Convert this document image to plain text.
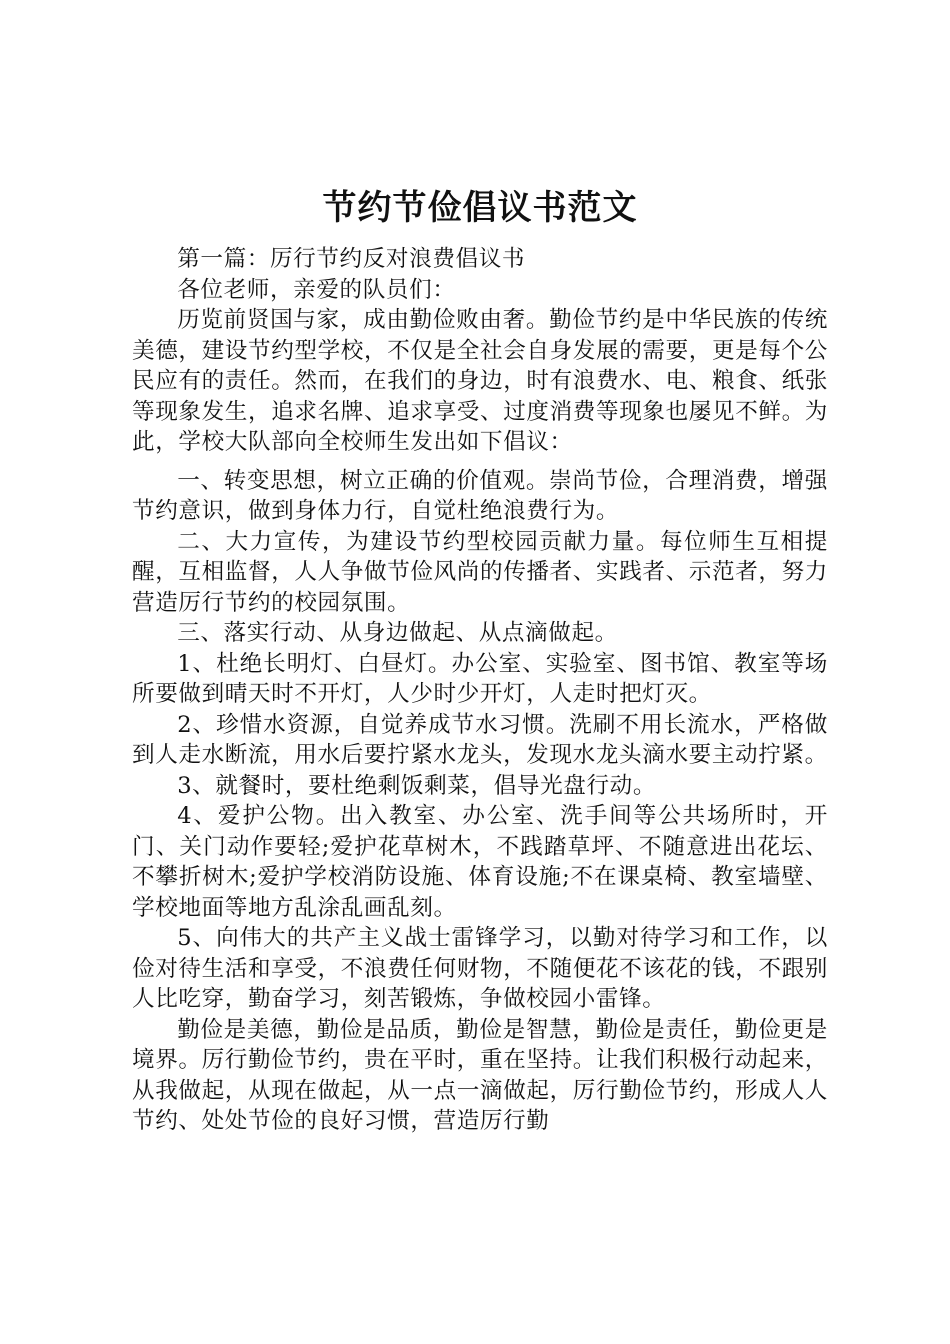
节约节俭倡议书范文

第一篇：厉行节约反对浪费倡议书

各位老师，亲爱的队员们：

历览前贤国与家，成由勤俭败由奢。勤俭节约是中华民族的传统美德，建设节约型学校，不仅是全社会自身发展的需要，更是每个公民应有的责任。然而，在我们的身边，时有浪费水、电、粮食、纸张等现象发生，追求名牌、追求享受、过度消费等现象也屡见不鲜。为此，学校大队部向全校师生发出如下倡议：

一、转变思想，树立正确的价值观。崇尚节俭，合理消费，增强节约意识，做到身体力行，自觉杜绝浪费行为。

二、大力宣传，为建设节约型校园贡献力量。每位师生互相提醒，互相监督，人人争做节俭风尚的传播者、实践者、示范者，努力营造厉行节约的校园氛围。

三、落实行动、从身边做起、从点滴做起。

1、杜绝长明灯、白昼灯。办公室、实验室、图书馆、教室等场所要做到晴天时不开灯，人少时少开灯，人走时把灯灭。

2、珍惜水资源，自觉养成节水习惯。洗刷不用长流水，严格做到人走水断流，用水后要拧紧水龙头，发现水龙头滴水要主动拧紧。

3、就餐时，要杜绝剩饭剩菜，倡导光盘行动。

4、爱护公物。出入教室、办公室、洗手间等公共场所时，开门、关门动作要轻;爱护花草树木，不践踏草坪、不随意进出花坛、不攀折树木;爱护学校消防设施、体育设施;不在课桌椅、教室墙壁、学校地面等地方乱涂乱画乱刻。

5、向伟大的共产主义战士雷锋学习，以勤对待学习和工作，以俭对待生活和享受，不浪费任何财物，不随便花不该花的钱，不跟别人比吃穿，勤奋学习，刻苦锻炼，争做校园小雷锋。

勤俭是美德，勤俭是品质，勤俭是智慧，勤俭是责任，勤俭更是境界。厉行勤俭节约，贵在平时，重在坚持。让我们积极行动起来，从我做起，从现在做起，从一点一滴做起，厉行勤俭节约，形成人人节约、处处节俭的良好习惯，营造厉行勤
